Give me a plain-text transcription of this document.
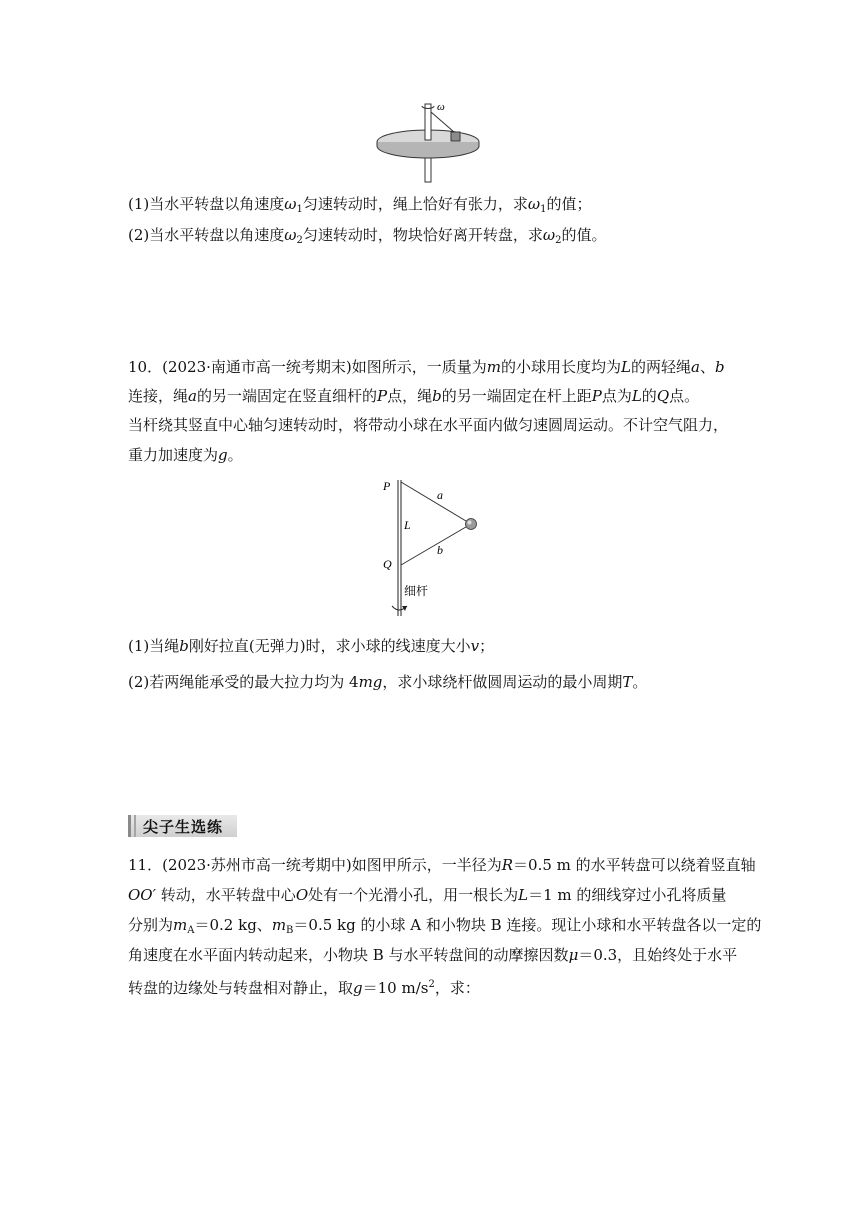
ω
(1)当水平转盘以角速度$\omega_1$匀速转动时，绳上恰好有张力，求$\omega_1$的值；
(2)当水平转盘以角速度$\omega_2$匀速转动时，物块恰好离开转盘，求$\omega_2$的值。
10．(2023·南通市高一统考期末)如图所示，一质量为m的小球用长度均为L的两轻绳a、b
连接，绳a的另一端固定在竖直细杆的P点，绳b的另一端固定在杆上距P点为L的Q点。
当杆绕其竖直中心轴匀速转动时，将带动小球在水平面内做匀速圆周运动。不计空气阻力，
重力加速度为g。
P
Q
L
a
b
细杆
(1)当绳b刚好拉直(无弹力)时，求小球的线速度大小v；
(2)若两绳能承受的最大拉力均为 4mg，求小球绕杆做圆周运动的最小周期T。
尖子生选练
11．(2023·苏州市高一统考期中)如图甲所示，一半径为R＝0.5 m 的水平转盘可以绕着竖直轴
OO′ 转动，水平转盘中心O处有一个光滑小孔，用一根长为L＝1 m 的细线穿过小孔将质量
分别为$m_A=0.2$ kg、$m_B=0.5$ kg 的小球 A 和小物块 B 连接。现让小球和水平转盘各以一定的
角速度在水平面内转动起来，小物块 B 与水平转盘间的动摩擦因数μ＝0.3，且始终处于水平
转盘的边缘处与转盘相对静止，取g＝10 $m/s^2$，求：
